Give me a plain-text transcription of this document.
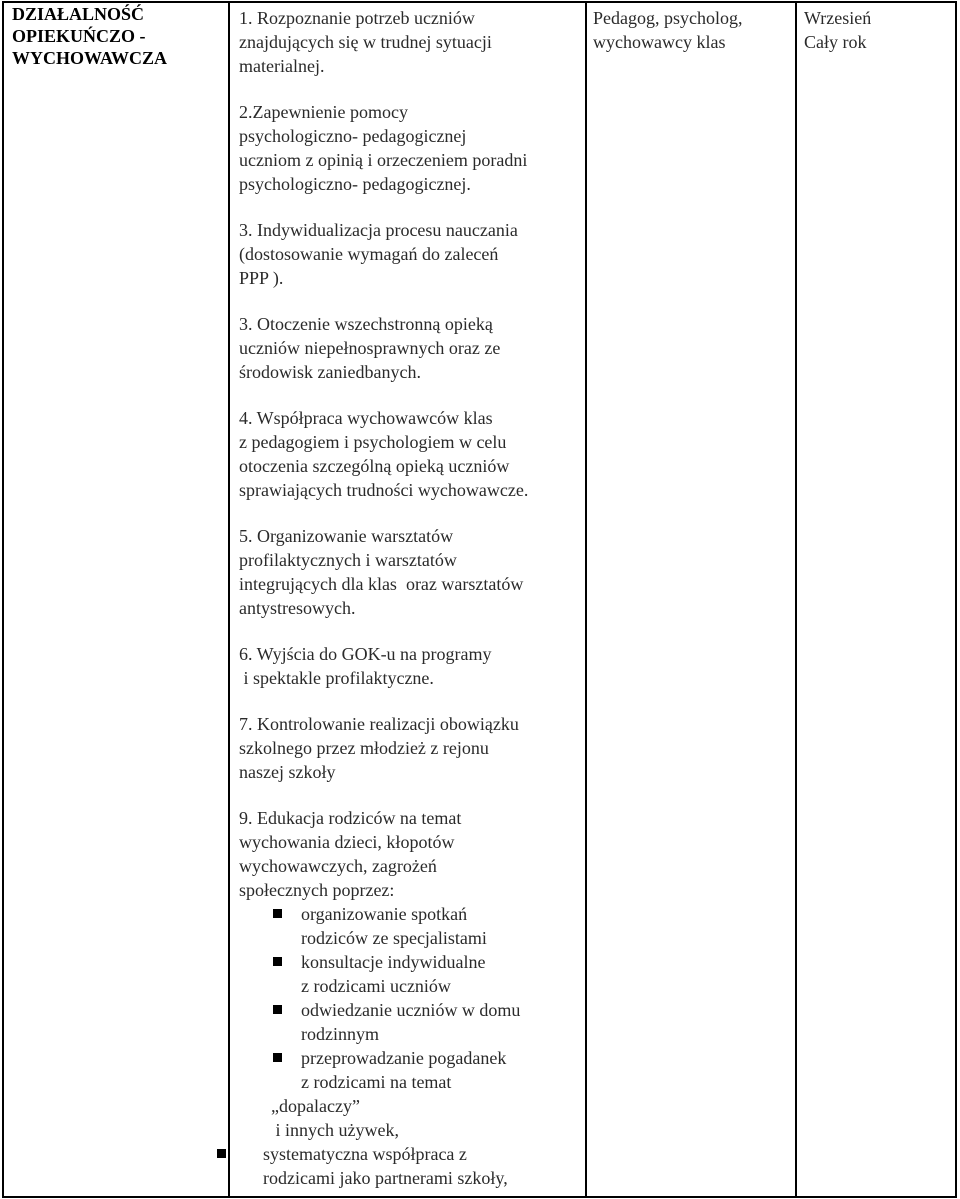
DZIAŁALNOŚĆ
OPIEKUŃCZO -
WYCHOWAWCZA

1. Rozpoznanie potrzeb uczniów
znajdujących się w trudnej sytuacji
materialnej.

2.Zapewnienie pomocy
psychologiczno- pedagogicznej
uczniom z opinią i orzeczeniem poradni
psychologiczno- pedagogicznej.

3. Indywidualizacja procesu nauczania
(dostosowanie wymagań do zaleceń
PPP ).

3. Otoczenie wszechstronną opieką
uczniów niepełnosprawnych oraz ze
środowisk zaniedbanych.

4. Współpraca wychowawców klas
z pedagogiem i psychologiem w celu
otoczenia szczególną opieką uczniów
sprawiających trudności wychowawcze.

5. Organizowanie warsztatów
profilaktycznych i warsztatów
integrujących dla klas  oraz warsztatów
antystresowych.

6. Wyjścia do GOK-u na programy
i spektakle profilaktyczne.

7. Kontrolowanie realizacji obowiązku
szkolnego przez młodzież z rejonu
naszej szkoły

9. Edukacja rodziców na temat
wychowania dzieci, kłopotów
wychowawczych, zagrożeń
społecznych poprzez:
organizowanie spotkań
rodziców ze specjalistami
konsultacje indywidualne
z rodzicami uczniów
odwiedzanie uczniów w domu
rodzinnym
przeprowadzanie pogadanek
z rodzicami na temat
„dopalaczy”
i innych używek,
systematyczna współpraca z
rodzicami jako partnerami szkoły,

Pedagog, psycholog,
wychowawcy klas

Wrzesień
Cały rok
